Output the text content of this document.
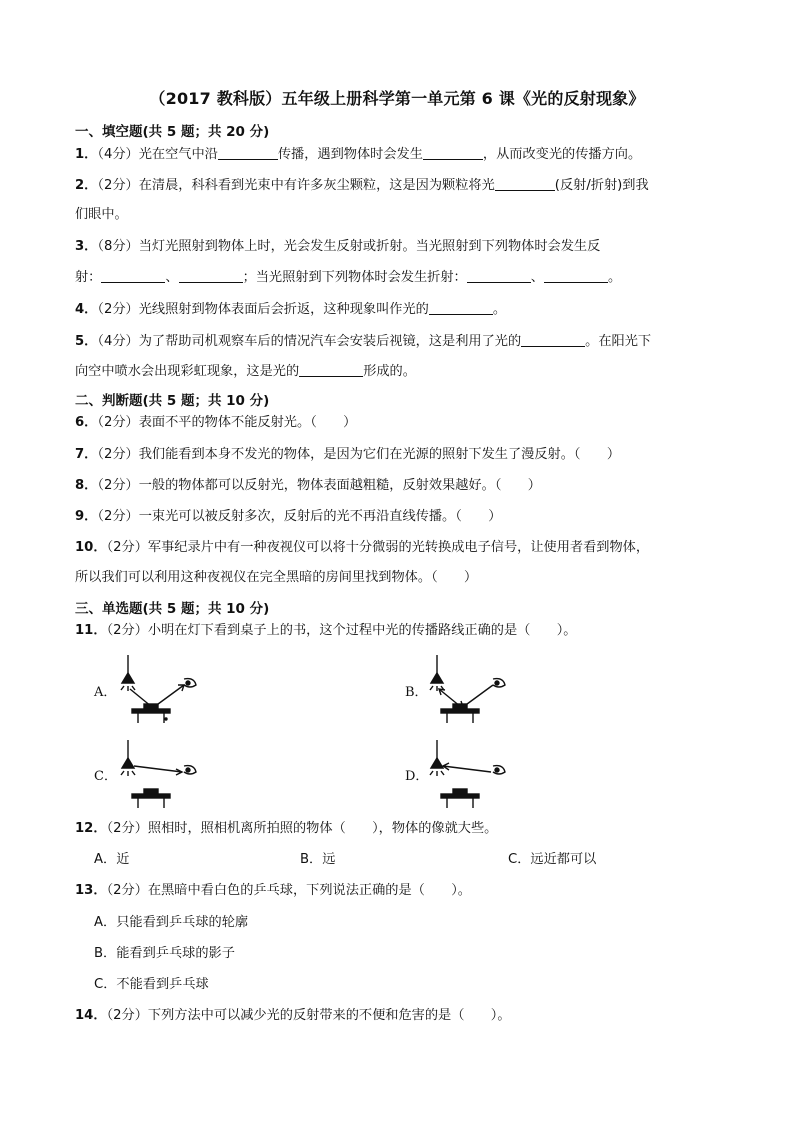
（2017 教科版）五年级上册科学第一单元第 6 课《光的反射现象》
一、填空题(共 5 题；共 20 分)
1．（4分）光在空气中沿	传播，遇到物体时会发生	，从而改变光的传播方向。
2．（2分）在清晨，科科看到光束中有许多灰尘颗粒，这是因为颗粒将光	(反射/折射)到我
们眼中。
3．（8分）当灯光照射到物体上时，光会发生反射或折射。当光照射到下列物体时会发生反
射：	、	；当光照射到下列物体时会发生折射：	、	。
4．（2分）光线照射到物体表面后会折返，这种现象叫作光的	。
5．（4分）为了帮助司机观察车后的情况汽车会安装后视镜，这是利用了光的	。在阳光下
向空中喷水会出现彩虹现象，这是光的	形成的。
二、判断题(共 5 题；共 10 分)
6．（2分）表面不平的物体不能反射光。（　　）
7．（2分）我们能看到本身不发光的物体，是因为它们在光源的照射下发生了漫反射。（　　）
8．（2分）一般的物体都可以反射光，物体表面越粗糙，反射效果越好。（　　）
9．（2分）一束光可以被反射多次，反射后的光不再沿直线传播。（　　）
10．（2分）军事纪录片中有一种夜视仪可以将十分微弱的光转换成电子信号，让使用者看到物体，
所以我们可以利用这种夜视仪在完全黑暗的房间里找到物体。（　　）
三、单选题(共 5 题；共 10 分)
11．（2分）小明在灯下看到桌子上的书，这个过程中光的传播路线正确的是（　　）。
A．	B．
C．	D．
12．（2分）照相时，照相机离所拍照的物体（　　），物体的像就大些。
A．近	B．远	C．远近都可以
13．（2分）在黑暗中看白色的乒乓球，下列说法正确的是（　　）。
A．只能看到乒乓球的轮廓
B．能看到乒乓球的影子
C．不能看到乒乓球
14．（2分）下列方法中可以减少光的反射带来的不便和危害的是（　　）。
